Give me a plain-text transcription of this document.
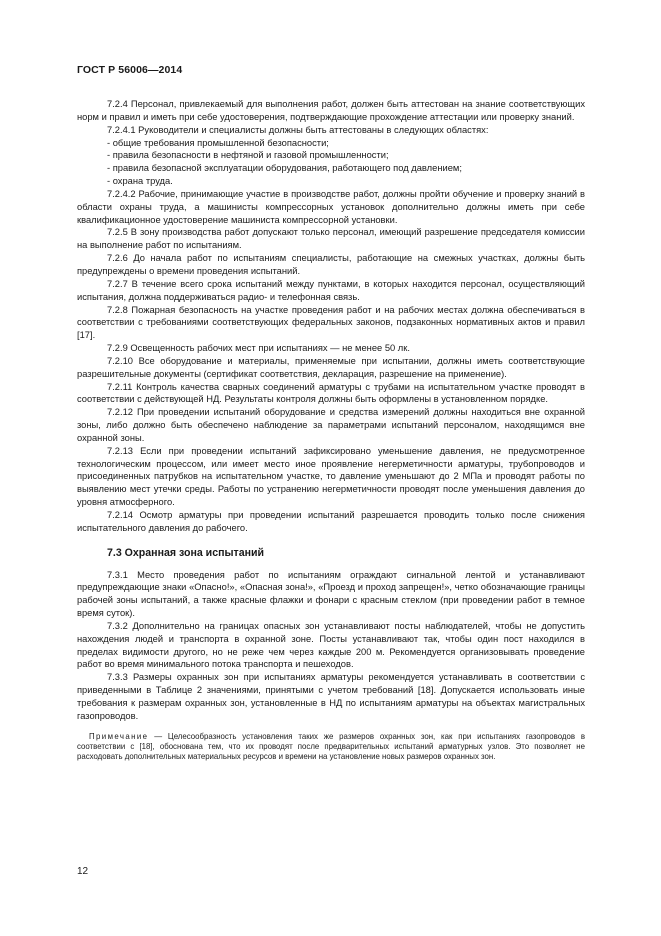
ГОСТ Р 56006—2014

7.2.4 Персонал, привлекаемый для выполнения работ, должен быть аттестован на знание соответствующих норм и правил и иметь при себе удостоверения, подтверждающие прохождение аттестации или проверку знаний.

7.2.4.1 Руководители и специалисты должны быть аттестованы в следующих областях:

- общие требования промышленной безопасности;

- правила безопасности в нефтяной и газовой промышленности;

- правила безопасной эксплуатации оборудования, работающего под давлением;

- охрана труда.

7.2.4.2 Рабочие, принимающие участие в производстве работ, должны пройти обучение и проверку знаний в области охраны труда, а машинисты компрессорных установок дополнительно должны иметь при себе квалификационное удостоверение машиниста компрессорной установки.

7.2.5 В зону производства работ допускают только персонал, имеющий разрешение председателя комиссии на выполнение работ по испытаниям.

7.2.6 До начала работ по испытаниям специалисты, работающие на смежных участках, должны быть предупреждены о времени проведения испытаний.

7.2.7 В течение всего срока испытаний между пунктами, в которых находится персонал, осуществляющий испытания, должна поддерживаться радио- и телефонная связь.

7.2.8 Пожарная безопасность на участке проведения работ и на рабочих местах должна обеспечиваться в соответствии с требованиями соответствующих федеральных законов, подзаконных нормативных актов и правил [17].

7.2.9 Освещенность рабочих мест при испытаниях — не менее 50 лк.

7.2.10 Все оборудование и материалы, применяемые при испытании, должны иметь соответствующие разрешительные документы (сертификат соответствия, декларация, разрешение на применение).

7.2.11 Контроль качества сварных соединений арматуры с трубами на испытательном участке проводят в соответствии с действующей НД. Результаты контроля должны быть оформлены в установленном порядке.

7.2.12 При проведении испытаний оборудование и средства измерений должны находиться вне охранной зоны, либо должно быть обеспечено наблюдение за параметрами испытаний персоналом, находящимся вне охранной зоны.

7.2.13 Если при проведении испытаний зафиксировано уменьшение давления, не предусмотренное технологическим процессом, или имеет место иное проявление негерметичности арматуры, трубопроводов и присоединенных патрубков на испытательном участке, то давление уменьшают до 2 МПа и проводят работы по выявлению мест утечки среды. Работы по устранению негерметичности проводят после уменьшения давления до уровня атмосферного.

7.2.14 Осмотр арматуры при проведении испытаний разрешается проводить только после снижения испытательного давления до рабочего.

7.3 Охранная зона испытаний

7.3.1 Место проведения работ по испытаниям ограждают сигнальной лентой и устанавливают предупреждающие знаки «Опасно!», «Опасная зона!», «Проезд и проход запрещен!», четко обозначающие границы рабочей зоны испытаний, а также красные флажки и фонари с красным стеклом (при проведении работ в темное время суток).

7.3.2 Дополнительно на границах опасных зон устанавливают посты наблюдателей, чтобы не допустить нахождения людей и транспорта в охранной зоне. Посты устанавливают так, чтобы один пост находился в пределах видимости другого, но не реже чем через каждые 200 м. Рекомендуется организовывать проведение работ во время минимального потока транспорта и пешеходов.

7.3.3 Размеры охранных зон при испытаниях арматуры рекомендуется устанавливать в соответствии с приведенными в Таблице 2 значениями, принятыми с учетом требований [18]. Допускается использовать иные требования к размерам охранных зон, установленные в НД по испытаниям арматуры на объектах магистральных газопроводов.

Примечание — Целесообразность установления таких же размеров охранных зон, как при испытаниях газопроводов в соответствии с [18], обоснована тем, что их проводят после предварительных испытаний арматурных узлов. Это позволяет не расходовать дополнительных материальных ресурсов и времени на установление новых размеров охранных зон.

12
